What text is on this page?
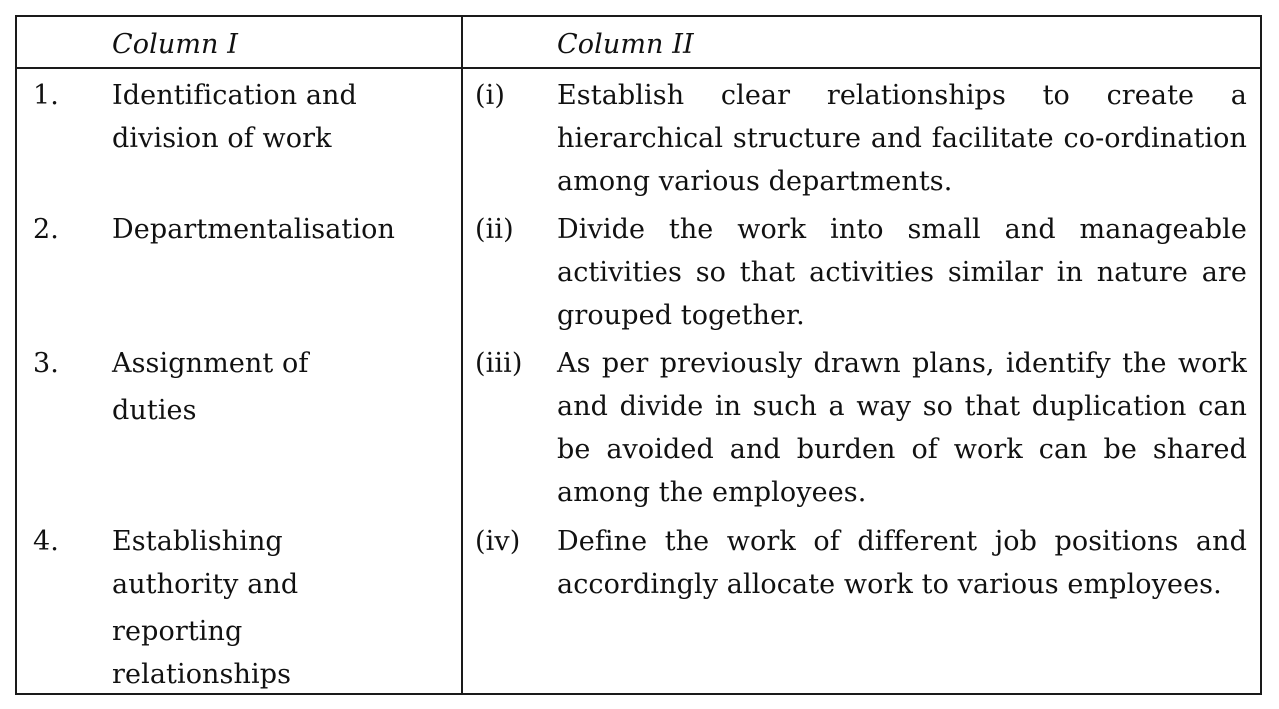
Column I	Column II
1. Identification and
division of work
(i) Establish clear relationships to create a hierarchical structure and facilitate co-ordination among various departments.
2. Departmentalisation	(ii) Divide the work into small and manageable activities so that activities similar in nature are grouped together.
3. Assignment of
duties
(iii) As per previously drawn plans, identify the work and divide in such a way so that duplication can be avoided and burden of work can be shared among the employees.
4. Establishing
authority and
reporting
relationships
(iv) Define the work of different job positions and accordingly allocate work to various employees.
